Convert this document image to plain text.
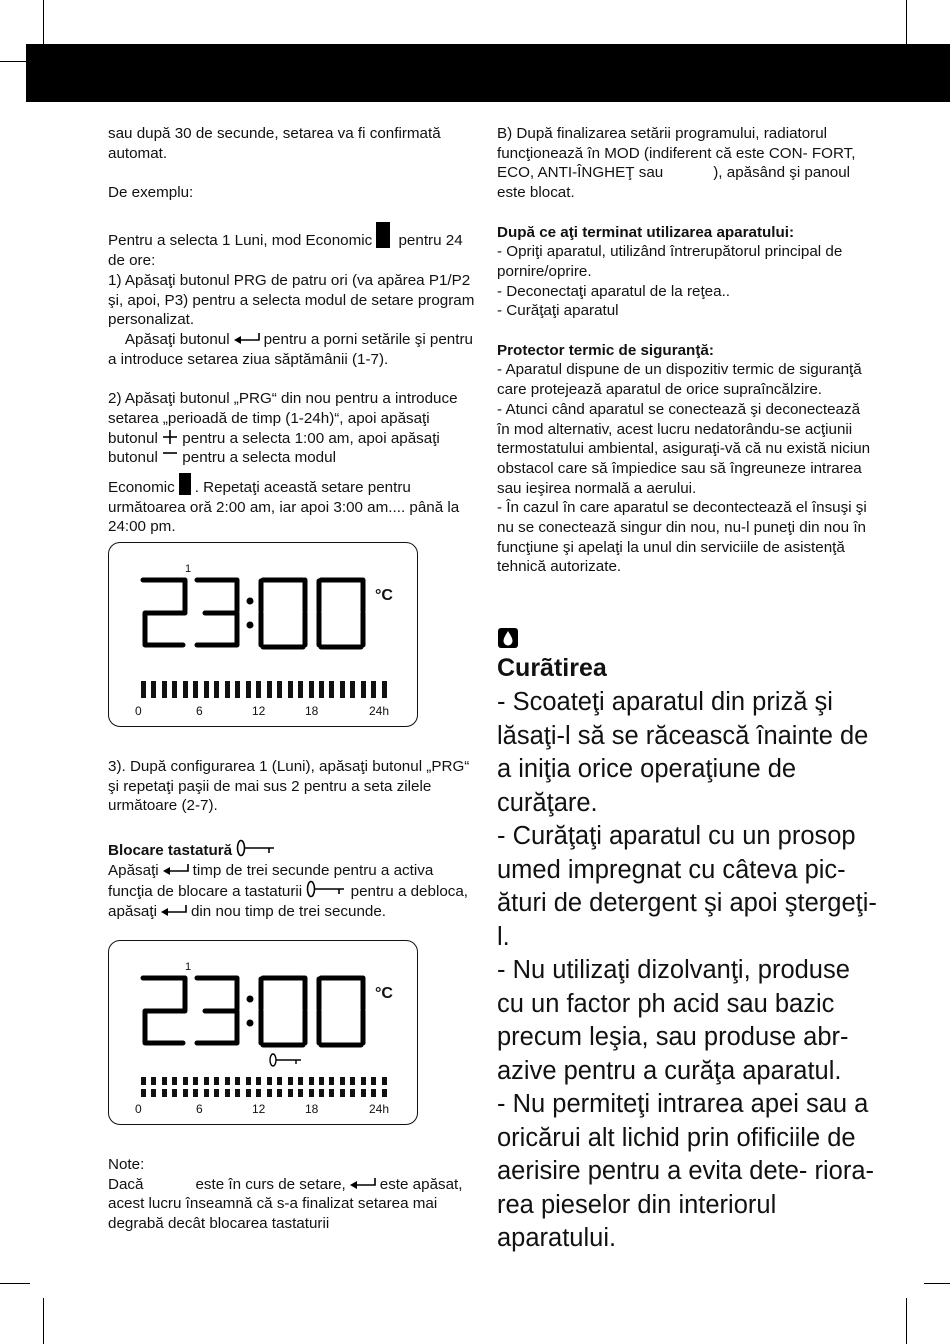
sau după 30 de secunde, setarea va fi confirmată automat.

De exemplu:

Pentru a selecta 1 Luni, mod Economic pentru 24 de ore:

1) Apăsaţi butonul PRG de patru ori (va apărea P1/P2 şi, apoi, P3) pentru a selecta modul de setare program personalizat.

Apăsaţi butonul pentru a porni setările şi pentru a introduce setarea ziua săptămânii (1-7).

2) Apăsaţi butonul „PRG“ din nou pentru a introduce setarea „perioadă de timp (1-24h)“, apoi apăsaţi butonul pentru a selecta 1:00 am, apoi apăsaţi butonul pentru a selecta modul

Economic . Repetaţi această setare pentru următoarea oră 2:00 am, iar apoi 3:00 am.... până la 24:00 pm.

1
°C
0	6	12	18	24h

3). După configurarea 1 (Luni), apăsaţi butonul „PRG“ şi repetaţi paşii de mai sus 2 pentru a seta zilele următoare (2-7).

Blocare tastatură

Apăsaţi timp de trei secunde pentru a activa funcţia de blocare a tastaturii	pentru a debloca, apăsaţi din nou timp de trei secunde.

1
°C
0	6	12	18	24h

Note:

Dacă	este în curs de setare, este apăsat, acest lucru înseamnă că s-a finalizat setarea mai degrabă decât blocarea tastaturii

B) După finalizarea setării programului, radiatorul funcţionează în MOD (indiferent că este CON- FORT, ECO, ANTI-ÎNGHEŢ sau	), apăsând şi panoul este blocat.

După ce aţi terminat utilizarea aparatului:

- Opriţi aparatul, utilizând întrerupătorul principal de pornire/oprire.

- Deconectaţi aparatul de la reţea..

- Curăţaţi aparatul

Protector termic de siguranţă:

- Aparatul dispune de un dispozitiv termic de siguranţă care protejează aparatul de orice supraîncălzire.

- Atunci când aparatul se conectează şi deconectează în mod alternativ, acest lucru nedatorându-se acţiunii termostatului ambiental, asiguraţi-vă că nu există niciun obstacol care să împiedice sau să îngreuneze intrarea sau ieşirea normală a aerului.

- În cazul în care aparatul se decontectează el însuşi şi nu se conectează singur din nou, nu-l puneţi din nou în funcţiune şi apelaţi la unul din serviciile de asistenţă tehnică autorizate.

Curãtirea

- Scoateţi aparatul din priză şi lăsaţi-l să se răcească înainte de a iniţia orice operaţiune de curăţare.

- Curăţaţi aparatul cu un prosop umed impregnat cu câteva pic- ături de detergent şi apoi ştergeţi-l.

- Nu utilizaţi dizolvanţi, produse cu un factor ph acid sau bazic precum leşia, sau produse abr- azive pentru a curăţa aparatul.

- Nu permiteţi intrarea apei sau a oricărui alt lichid prin ofificiile de aerisire pentru a evita dete- riora-rea pieselor din interiorul aparatului.
